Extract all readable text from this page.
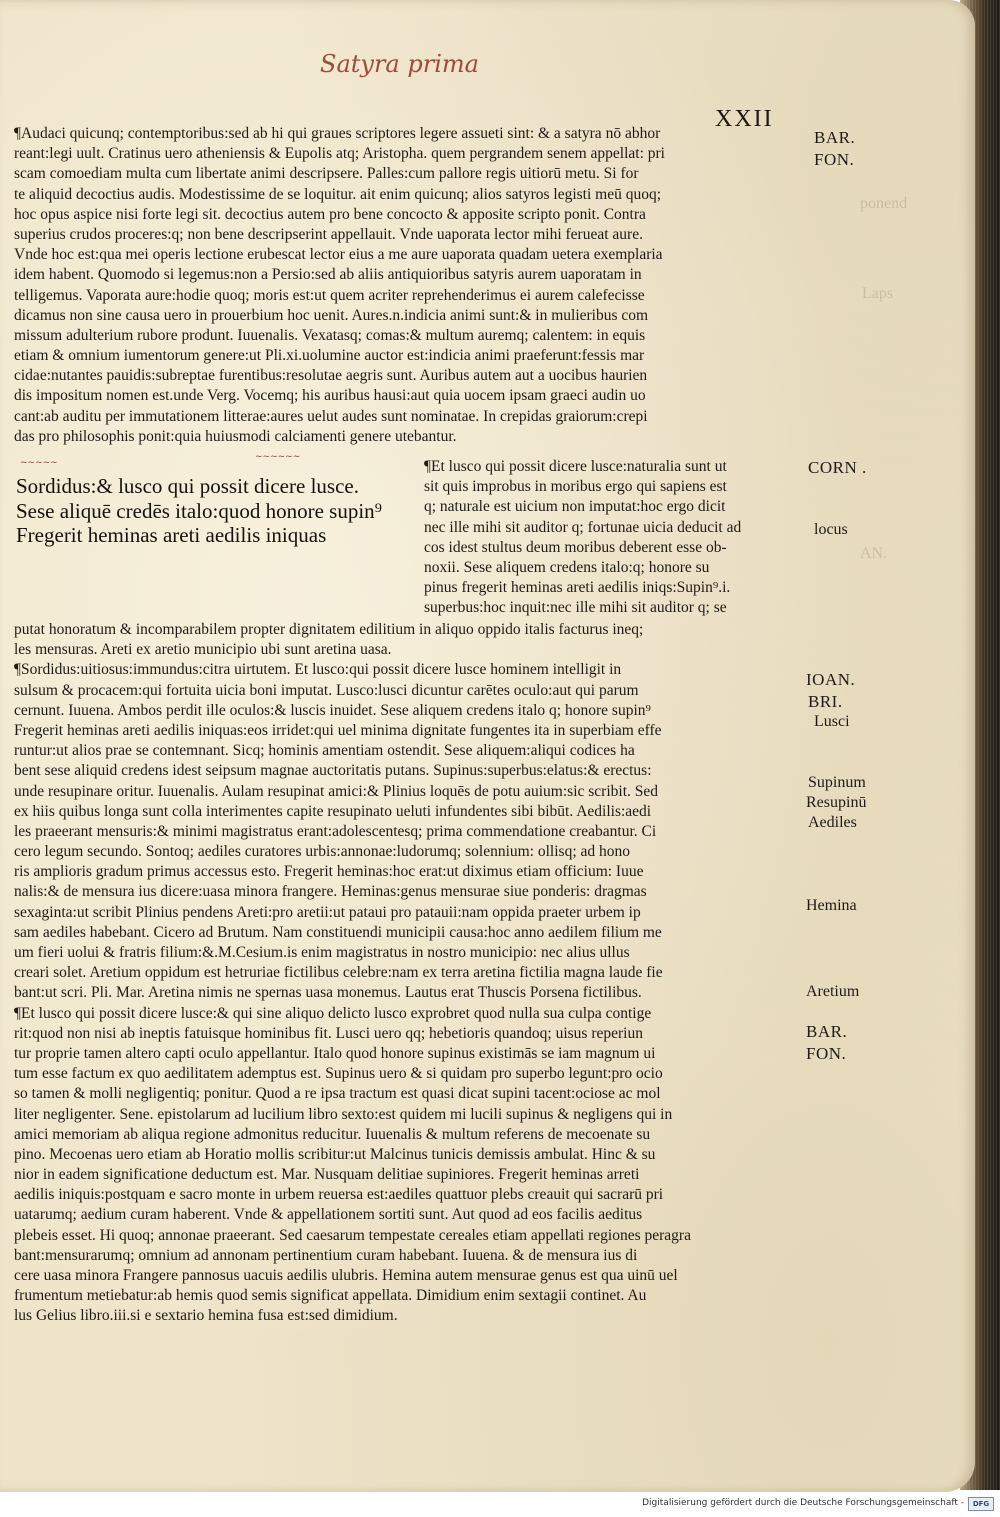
Satyra prima
XXII
ponend
Laps
AN.
¶Audaci quicunq; contemptoribus:sed ab hi qui graues scriptores legere assueti sint: & a satyra nō abhor
reant:legi uult. Cratinus uero atheniensis & Eupolis atq; Aristopha. quem pergrandem senem appellat: pri
scam comoediam multa cum libertate animi descripsere. Palles:cum pallore regis uitiorū metu. Si for
te aliquid decoctius audis. Modestissime de se loquitur. ait enim quicunq; alios satyros legisti meū quoq;
hoc opus aspice nisi forte legi sit. decoctius autem pro bene concocto & apposite scripto ponit. Contra
superius crudos proceres:q; non bene descripserint appellauit. Vnde uaporata lector mihi ferueat aure.
Vnde hoc est:qua mei operis lectione erubescat lector eius a me aure uaporata quadam uetera exemplaria
idem habent. Quomodo si legemus:non a Persio:sed ab aliis antiquioribus satyris aurem uaporatam in
telligemus. Vaporata aure:hodie quoq; moris est:ut quem acriter reprehenderimus ei aurem calefecisse
dicamus non sine causa uero in prouerbium hoc uenit. Aures.n.indicia animi sunt:& in mulieribus com
missum adulterium rubore produnt. Iuuenalis. Vexatasq; comas:& multum auremq; calentem: in equis
etiam & omnium iumentorum genere:ut Pli.xi.uolumine auctor est:indicia animi praeferunt:fessis mar
cidae:nutantes pauidis:subreptae furentibus:resolutae aegris sunt. Auribus autem aut a uocibus haurien
dis impositum nomen est.unde Verg. Vocemq; his auribus hausi:aut quia uocem ipsam graeci audin uo
cant:ab auditu per immutationem litterae:aures uelut audes sunt nominatae. In crepidas graiorum:crepi
das pro philosophis ponit:quia huiusmodi calciamenti genere utebantur.
Sordidus:& lusco qui possit dicere lusce.
Sese aliquē credēs italo:quod honore supin⁹
Fregerit heminas areti aedilis iniquas
~~~~~
~~~~~~
¶Et lusco qui possit dicere lusce:naturalia sunt ut
sit quis improbus in moribus ergo qui sapiens est
q; naturale est uicium non imputat:hoc ergo dicit
nec ille mihi sit auditor q; fortunae uicia deducit ad
cos idest stultus deum moribus deberent esse ob-
noxii. Sese aliquem credens italo:q; honore su
pinus fregerit heminas areti aedilis iniqs:Supin⁹.i.
superbus:hoc inquit:nec ille mihi sit auditor q; se
putat honoratum & incomparabilem propter dignitatem edilitium in aliquo oppido italis facturus ineq;
les mensuras. Areti ex aretio municipio ubi sunt aretina uasa.
¶Sordidus:uitiosus:immundus:citra uirtutem. Et lusco:qui possit dicere lusce hominem intelligit in
sulsum & procacem:qui fortuita uicia boni imputat. Lusco:lusci dicuntur carētes oculo:aut qui parum
cernunt. Iuuena. Ambos perdit ille oculos:& luscis inuidet. Sese aliquem credens italo q; honore supin⁹
Fregerit heminas areti aedilis iniquas:eos irridet:qui uel minima dignitate fungentes ita in superbiam effe
runtur:ut alios prae se contemnant. Sicq; hominis amentiam ostendit. Sese aliquem:aliqui codices ha
bent sese aliquid credens idest seipsum magnae auctoritatis putans. Supinus:superbus:elatus:& erectus:
unde resupinare oritur. Iuuenalis. Aulam resupinat amici:& Plinius loquēs de potu auium:sic scribit. Sed
ex hiis quibus longa sunt colla interimentes capite resupinato ueluti infundentes sibi bibūt. Aedilis:aedi
les praeerant mensuris:& minimi magistratus erant:adolescentesq; prima commendatione creabantur. Ci
cero legum secundo. Sontoq; aediles curatores urbis:annonae:ludorumq; solennium: ollisq; ad hono
ris amplioris gradum primus accessus esto. Fregerit heminas:hoc erat:ut diximus etiam officium: Iuue
nalis:& de mensura ius dicere:uasa minora frangere. Heminas:genus mensurae siue ponderis: dragmas
sexaginta:ut scribit Plinius pendens Areti:pro aretii:ut pataui pro patauii:nam oppida praeter urbem ip
sam aediles habebant. Cicero ad Brutum. Nam constituendi municipii causa:hoc anno aedilem filium me
um fieri uolui & fratris filium:&.M.Cesium.is enim magistratus in nostro municipio: nec alius ullus
creari solet. Aretium oppidum est hetruriae fictilibus celebre:nam ex terra aretina fictilia magna laude fie
bant:ut scri. Pli. Mar. Aretina nimis ne spernas uasa monemus. Lautus erat Thuscis Porsena fictilibus.
¶Et lusco qui possit dicere lusce:& qui sine aliquo delicto lusco exprobret quod nulla sua culpa contige
rit:quod non nisi ab ineptis fatuisque hominibus fit. Lusci uero qq; hebetioris quandoq; uisus reperiun
tur proprie tamen altero capti oculo appellantur. Italo quod honore supinus existimās se iam magnum ui
tum esse factum ex quo aedilitatem ademptus est. Supinus uero & si quidam pro superbo legunt:pro ocio
so tamen & molli negligentiq; ponitur. Quod a re ipsa tractum est quasi dicat supini tacent:ociose ac mol
liter negligenter. Sene. epistolarum ad lucilium libro sexto:est quidem mi lucili supinus & negligens qui in
amici memoriam ab aliqua regione admonitus reducitur. Iuuenalis & multum referens de mecoenate su
pino. Mecoenas uero etiam ab Horatio mollis scribitur:ut Malcinus tunicis demissis ambulat. Hinc & su
nior in eadem significatione deductum est. Mar. Nusquam delitiae supiniores. Fregerit heminas arreti
aedilis iniquis:postquam e sacro monte in urbem reuersa est:aediles quattuor plebs creauit qui sacrarū pri
uatarumq; aedium curam haberent. Vnde & appellationem sortiti sunt. Aut quod ad eos facilis aeditus
plebeis esset. Hi quoq; annonae praeerant. Sed caesarum tempestate cereales etiam appellati regiones peragra
bant:mensurarumq; omnium ad annonam pertinentium curam habebant. Iuuena. & de mensura ius di
cere uasa minora Frangere pannosus uacuis aedilis ulubris. Hemina autem mensurae genus est qua uinū uel
frumentum metiebatur:ab hemis quod semis significat appellata. Dimidium enim sextagii continet. Au
lus Gelius libro.iii.si e sextario hemina fusa est:sed dimidium.
BAR.
FON.
CORN .
locus
IOAN.
BRI.
Lusci
Supinum
Resupinū
Aediles
Hemina
Aretium
BAR.
FON.
Digitalisierung gefördert durch die Deutsche Forschungsgemeinschaft -	DFG
